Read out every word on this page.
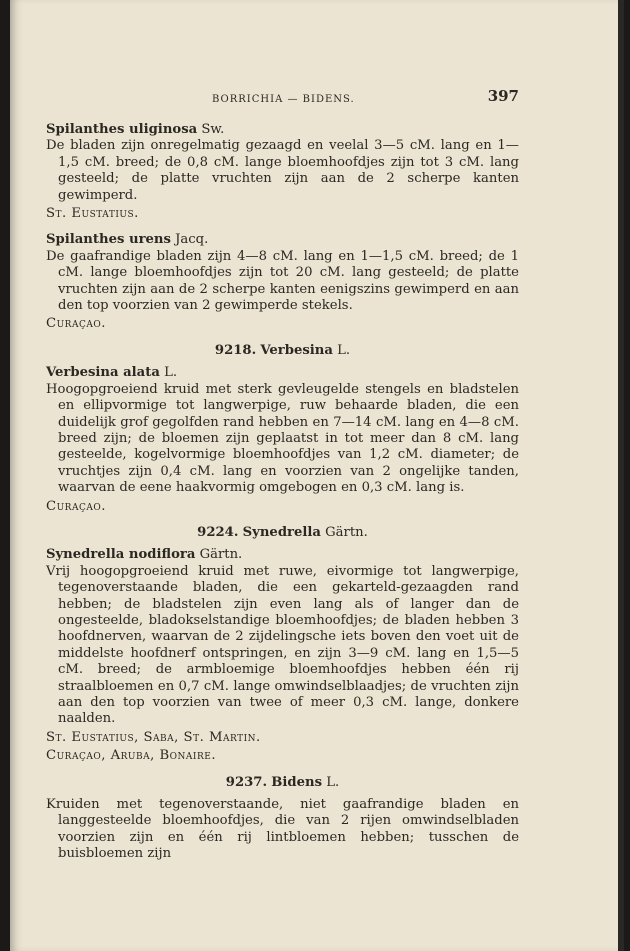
BORRICHIA — BIDENS.	397
Spilanthes uliginosa Sw.

De bladen zijn onregelmatig gezaagd en veelal 3—5 cM. lang en 1—1,5 cM. breed; de 0,8 cM. lange bloemhoofdjes zijn tot 3 cM. lang gesteeld; de platte vruchten zijn aan de 2 scherpe kanten gewimperd.

St. Eustatius.
Spilanthes urens Jacq.

De gaafrandige bladen zijn 4—8 cM. lang en 1—1,5 cM. breed; de 1 cM. lange bloemhoofdjes zijn tot 20 cM. lang gesteeld; de platte vruchten zijn aan de 2 scherpe kanten eenigszins gewimperd en aan den top voorzien van 2 gewimperde stekels.

Curaçao.
9218. Verbesina L.
Verbesina alata L.

Hoogopgroeiend kruid met sterk gevleugelde stengels en bladstelen en ellipvormige tot langwerpige, ruw behaarde bladen, die een duidelijk grof gegolfden rand hebben en 7—14 cM. lang en 4—8 cM. breed zijn; de bloemen zijn geplaatst in tot meer dan 8 cM. lang gesteelde, kogelvormige bloemhoofdjes van 1,2 cM. diameter; de vruchtjes zijn 0,4 cM. lang en voorzien van 2 ongelijke tanden, waarvan de eene haakvormig omgebogen en 0,3 cM. lang is.

Curaçao.
9224. Synedrella Gärtn.
Synedrella nodiflora Gärtn.

Vrij hoogopgroeiend kruid met ruwe, eivormige tot langwerpige, tegenoverstaande bladen, die een gekarteld-gezaagden rand hebben; de bladstelen zijn even lang als of langer dan de ongesteelde, bladokselstandige bloemhoofdjes; de bladen hebben 3 hoofdnerven, waarvan de 2 zijdelingsche iets boven den voet uit de middelste hoofdnerf ontspringen, en zijn 3—9 cM. lang en 1,5—5 cM. breed; de armbloemige bloemhoofdjes hebben één rij straalbloemen en 0,7 cM. lange omwindselblaadjes; de vruchten zijn aan den top voorzien van twee of meer 0,3 cM. lange, donkere naalden.

St. Eustatius, Saba, St. Martin.
Curaçao, Aruba, Bonaire.
9237. Bidens L.

Kruiden met tegenoverstaande, niet gaafrandige bladen en langgesteelde bloemhoofdjes, die van 2 rijen omwindselbladen voorzien zijn en één rij lintbloemen hebben; tusschen de buisbloemen zijn
